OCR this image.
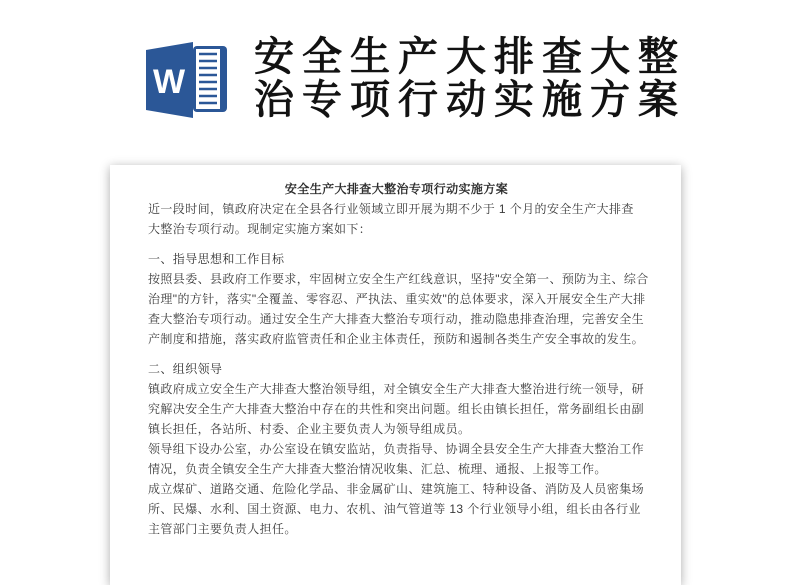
W
安全生产大排查大整
治专项行动实施方案
安全生产大排查大整治专项行动实施方案
近一段时间，镇政府决定在全县各行业领域立即开展为期不少于 1 个月的安全生产大排查
大整治专项行动。现制定实施方案如下：
一、指导思想和工作目标
按照县委、县政府工作要求，牢固树立安全生产红线意识，坚持"安全第一、预防为主、综合
治理"的方针，落实"全覆盖、零容忍、严执法、重实效"的总体要求，深入开展安全生产大排
查大整治专项行动。通过安全生产大排查大整治专项行动，推动隐患排查治理，完善安全生
产制度和措施，落实政府监管责任和企业主体责任，预防和遏制各类生产安全事故的发生。
二、组织领导
镇政府成立安全生产大排查大整治领导组，对全镇安全生产大排查大整治进行统一领导，研
究解决安全生产大排查大整治中存在的共性和突出问题。组长由镇长担任，常务副组长由副
镇长担任，各站所、村委、企业主要负责人为领导组成员。
领导组下设办公室，办公室设在镇安监站，负责指导、协调全县安全生产大排查大整治工作
情况，负责全镇安全生产大排查大整治情况收集、汇总、梳理、通报、上报等工作。
成立煤矿、道路交通、危险化学品、非金属矿山、建筑施工、特种设备、消防及人员密集场
所、民爆、水利、国土资源、电力、农机、油气管道等 13 个行业领导小组，组长由各行业
主管部门主要负责人担任。
